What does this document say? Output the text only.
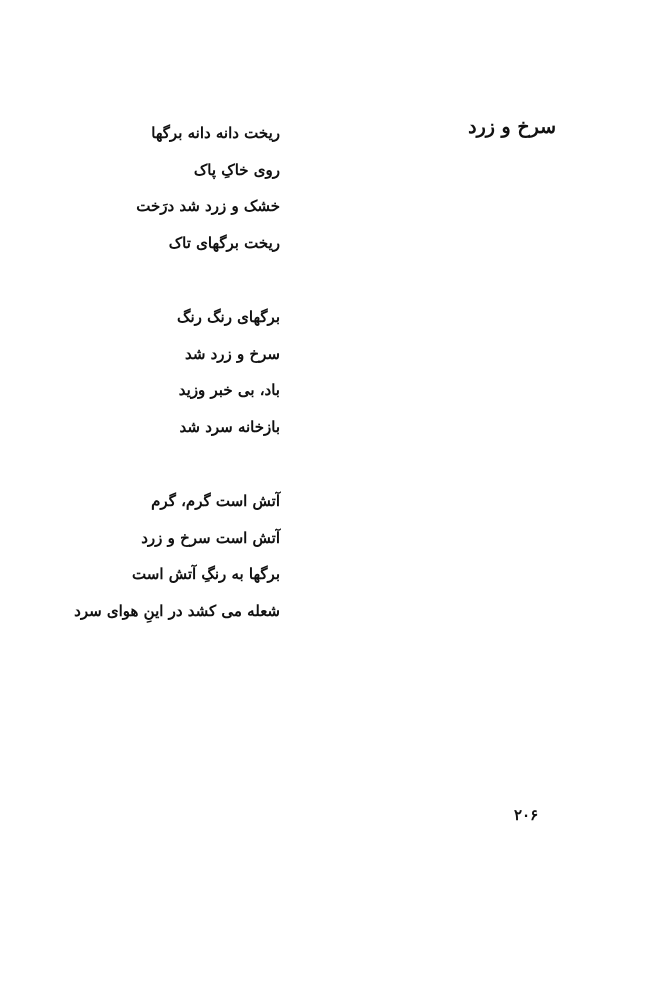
سرخ و زرد
ریخت دانه دانه برگها
روی خاکِ پاک
خشک و زرد شد درَخت
ریخت برگهای تاک
برگهای رنگ رنگ
سرخ و زرد شد
باد، بی خبر وزید
بازخانه سرد شد
آتش است گرم، گرم
آتش است سرخ و زرد
برگها به رنگِ آتش است
شعله می کشد در اینِ هوای سرد
۲۰۶
